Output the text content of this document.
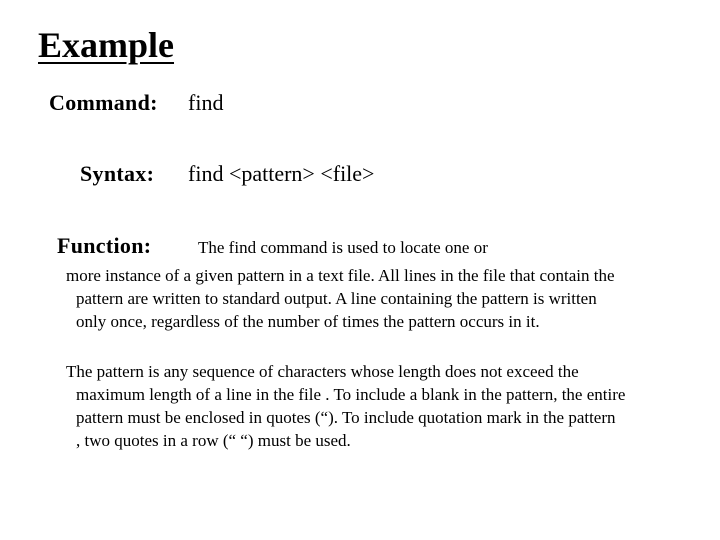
Example
Command: find
Syntax: find <pattern> <file>
Function:	The find command is used to locate one or
more instance of a given pattern in a text file. All lines in the file that contain the
pattern are written to standard output. A line containing the pattern is written
only once, regardless of the number of times the pattern occurs in it.
The pattern is any sequence of characters whose length does not exceed the
maximum length of a line in the file . To include a blank in the pattern, the entire
pattern must be enclosed in quotes (“). To include quotation mark in the pattern
, two quotes in a row (“ “) must be used.
